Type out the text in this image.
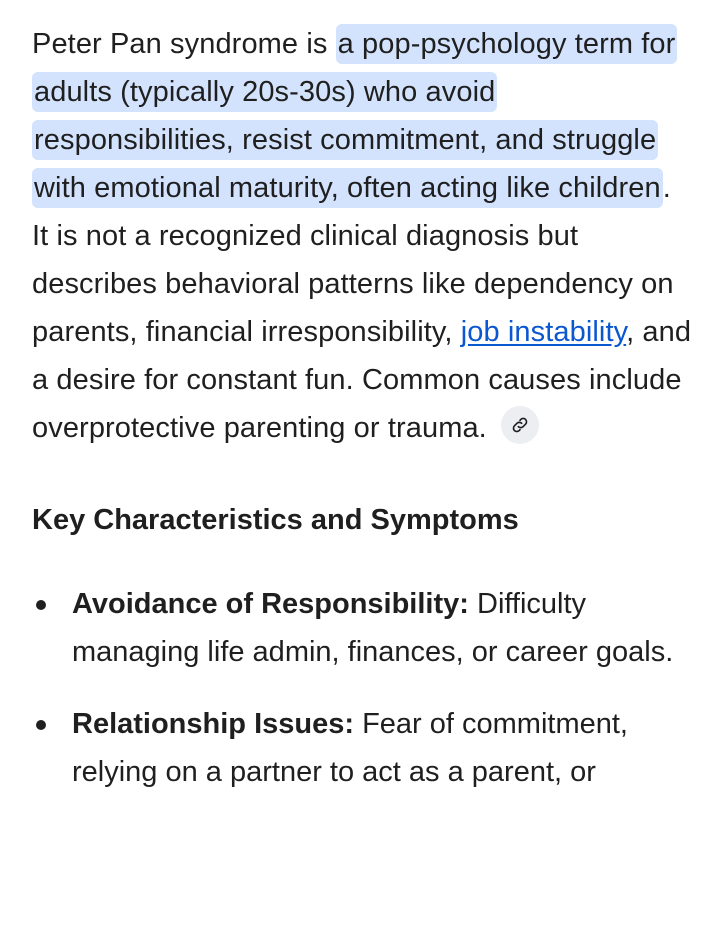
Peter Pan syndrome is a pop-psychology term for adults (typically 20s-30s) who avoid responsibilities, resist commitment, and struggle with emotional maturity, often acting like children. It is not a recognized clinical diagnosis but describes behavioral patterns like dependency on parents, financial irresponsibility, job instability, and a desire for constant fun. Common causes include overprotective parenting or trauma.

Key Characteristics and Symptoms
Avoidance of Responsibility: Difficulty managing life admin, finances, or career goals.
Relationship Issues: Fear of commitment, relying on a partner to act as a parent, or
